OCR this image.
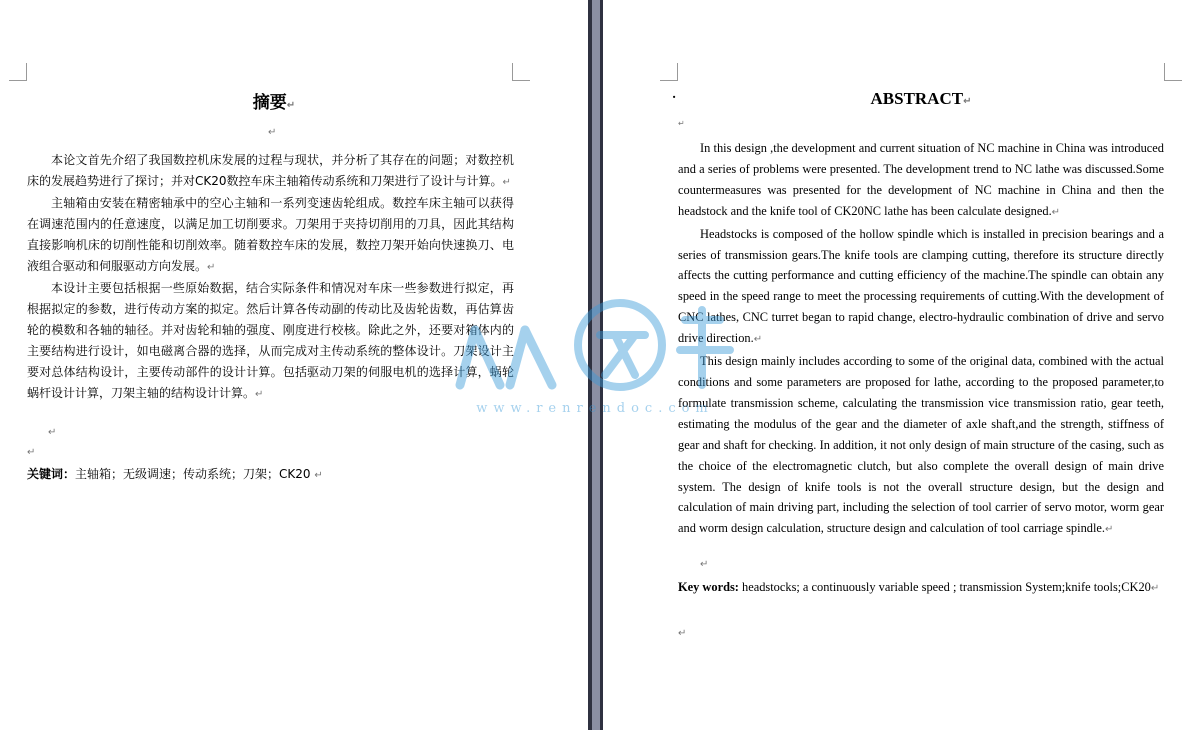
摘要↵
↵

本论文首先介绍了我国数控机床发展的过程与现状，并分析了其存在的问题；对数控机床的发展趋势进行了探讨；并对CK20数控车床主轴箱传动系统和刀架进行了设计与计算。↵

主轴箱由安装在精密轴承中的空心主轴和一系列变速齿轮组成。数控车床主轴可以获得在调速范围内的任意速度，以满足加工切削要求。刀架用于夹持切削用的刀具，因此其结构直接影响机床的切削性能和切削效率。随着数控车床的发展，数控刀架开始向快速换刀、电液组合驱动和伺服驱动方向发展。↵

本设计主要包括根据一些原始数据，结合实际条件和情况对车床一些参数进行拟定，再根据拟定的参数，进行传动方案的拟定。然后计算各传动副的传动比及齿轮齿数，再估算齿轮的模数和各轴的轴径。并对齿轮和轴的强度、刚度进行校核。除此之外，还要对箱体内的主要结构进行设计，如电磁离合器的选择，从而完成对主传动系统的整体设计。刀架设计主要对总体结构设计，主要传动部件的设计计算。包括驱动刀架的伺服电机的选择计算，蜗轮蜗杆设计计算，刀架主轴的结构设计计算。↵

↵
↵
关键词：主轴箱；无级调速；传动系统；刀架；CK20 ↵
·	ABSTRACT↵
↵

In this design ,the development and current situation of NC machine in China was introduced and a series of problems were presented. The development trend to NC lathe was discussed.Some countermeasures was presented for the development of NC machine in China and then the headstock and the knife tool of CK20NC lathe has been calculate designed.↵

Headstocks is composed of the hollow spindle which is installed in precision bearings and a series of transmission gears.The knife tools are clamping cutting, therefore its structure directly affects the cutting performance and cutting efficiency of the machine.The spindle can obtain any speed in the speed range to meet the processing requirements of cutting.With the development of CNC lathes, CNC turret began to rapid change, electro-hydraulic combination of drive and servo drive direction.↵

This design mainly includes according to some of the original data, combined with the actual conditions and some parameters are proposed for lathe, according to the proposed parameter,to formulate transmission scheme, calculating the transmission vice transmission ratio, gear teeth, estimating the modulus of the gear and the diameter of axle shaft,and the strength, stiffness of gear and shaft for checking. In addition, it not only design of main structure of the casing, such as the choice of the electromagnetic clutch, but also complete the overall design of main drive system. The design of knife tools is not the overall structure design, but the design and calculation of main driving part, including the selection of tool carrier of servo motor, worm gear and worm design calculation, structure design and calculation of tool carriage spindle.↵

↵
Key words: headstocks; a continuously variable speed ; transmission System;knife tools;CK20↵
↵
www.renrendoc.com
